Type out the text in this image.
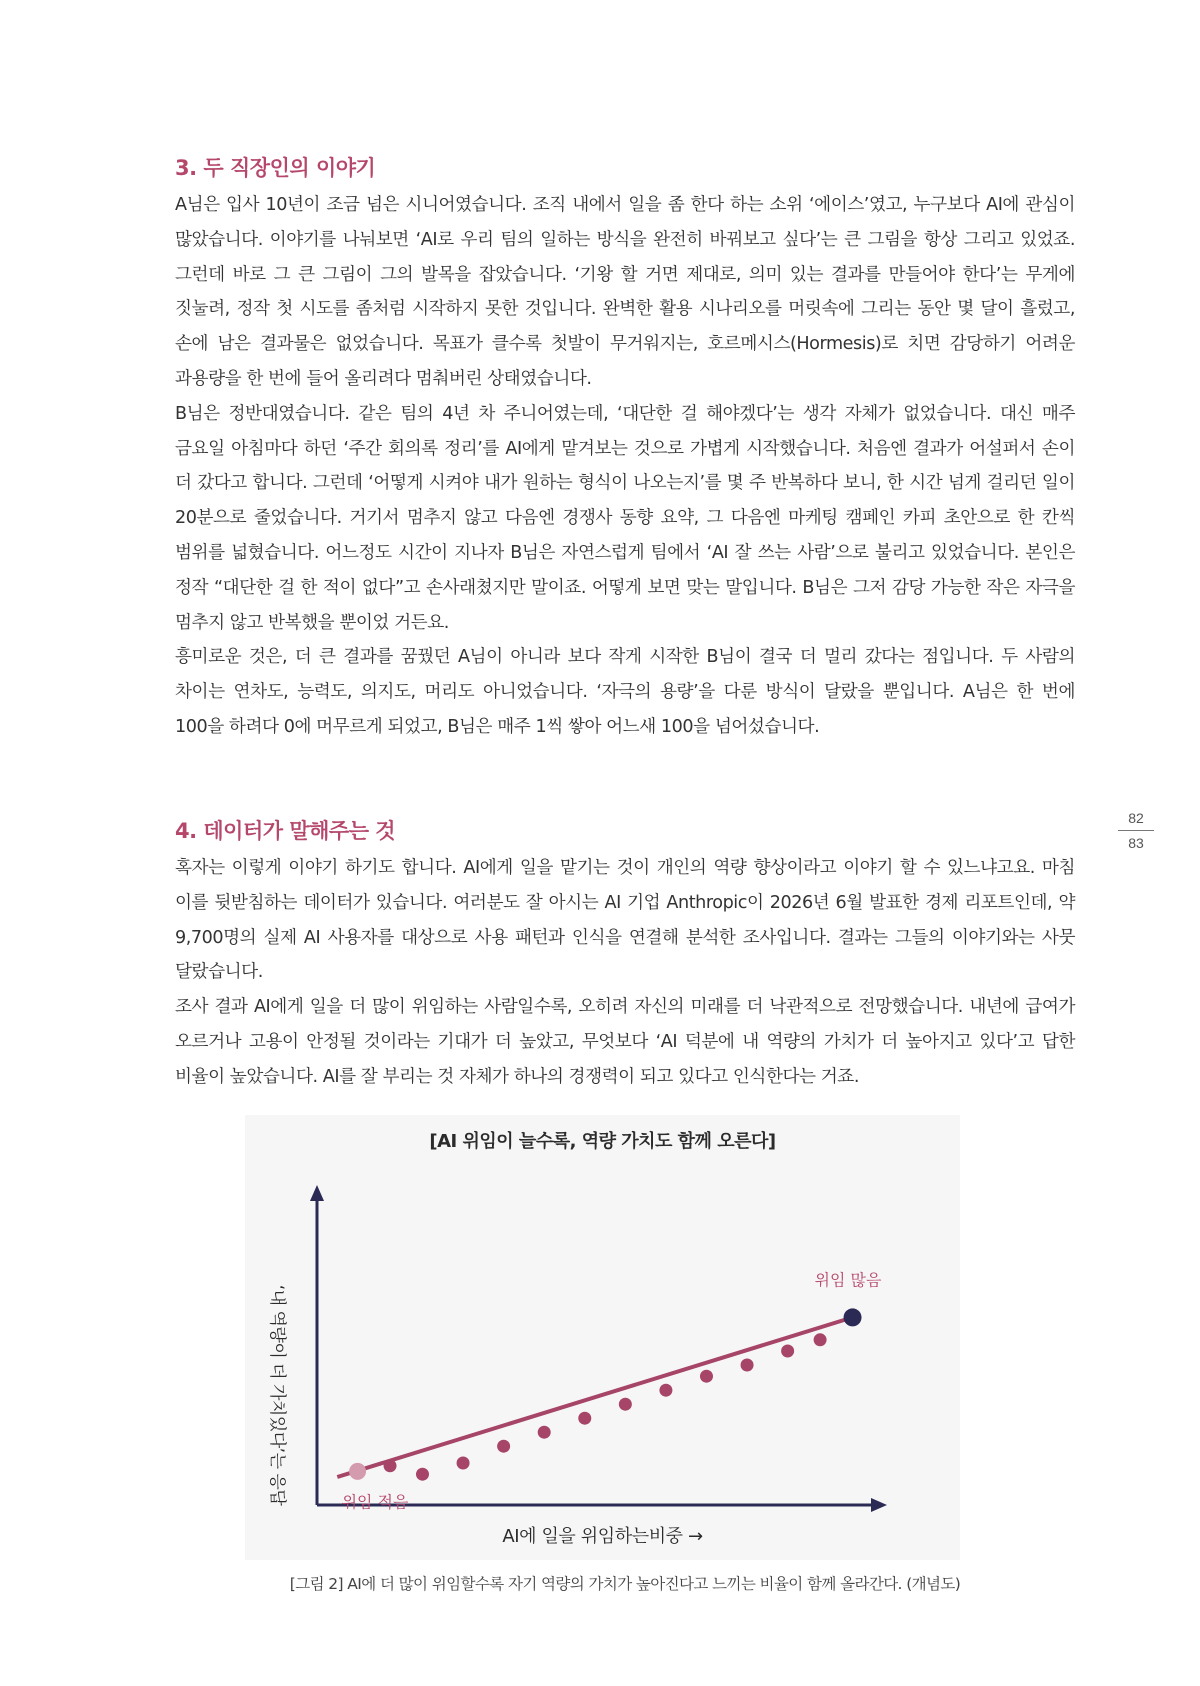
3. 두 직장인의 이야기

A님은 입사 10년이 조금 넘은 시니어였습니다. 조직 내에서 일을 좀 한다 하는 소위 ‘에이스’였고, 누구보다 AI에 관심이 많았습니다. 이야기를 나눠보면 ‘AI로 우리 팀의 일하는 방식을 완전히 바꿔보고 싶다’는 큰 그림을 항상 그리고 있었죠. 그런데 바로 그 큰 그림이 그의 발목을 잡았습니다. ‘기왕 할 거면 제대로, 의미 있는 결과를 만들어야 한다’는 무게에 짓눌려, 정작 첫 시도를 좀처럼 시작하지 못한 것입니다. 완벽한 활용 시나리오를 머릿속에 그리는 동안 몇 달이 흘렀고, 손에 남은 결과물은 없었습니다. 목표가 클수록 첫발이 무거워지는, 호르메시스(Hormesis)로 치면 감당하기 어려운 과용량을 한 번에 들어 올리려다 멈춰버린 상태였습니다.

B님은 정반대였습니다. 같은 팀의 4년 차 주니어였는데, ‘대단한 걸 해야겠다’는 생각 자체가 없었습니다. 대신 매주 금요일 아침마다 하던 ‘주간 회의록 정리’를 AI에게 맡겨보는 것으로 가볍게 시작했습니다. 처음엔 결과가 어설퍼서 손이 더 갔다고 합니다. 그런데 ‘어떻게 시켜야 내가 원하는 형식이 나오는지’를 몇 주 반복하다 보니, 한 시간 넘게 걸리던 일이 20분으로 줄었습니다. 거기서 멈추지 않고 다음엔 경쟁사 동향 요약, 그 다음엔 마케팅 캠페인 카피 초안으로 한 칸씩 범위를 넓혔습니다. 어느정도 시간이 지나자 B님은 자연스럽게 팀에서 ‘AI 잘 쓰는 사람’으로 불리고 있었습니다. 본인은 정작 “대단한 걸 한 적이 없다”고 손사래쳤지만 말이죠. 어떻게 보면 맞는 말입니다. B님은 그저 감당 가능한 작은 자극을 멈추지 않고 반복했을 뿐이었 거든요.

흥미로운 것은, 더 큰 결과를 꿈꿨던 A님이 아니라 보다 작게 시작한 B님이 결국 더 멀리 갔다는 점입니다. 두 사람의 차이는 연차도, 능력도, 의지도, 머리도 아니었습니다. ‘자극의 용량’을 다룬 방식이 달랐을 뿐입니다. A님은 한 번에 100을 하려다 0에 머무르게 되었고, B님은 매주 1씩 쌓아 어느새 100을 넘어섰습니다.

82
83
4. 데이터가 말해주는 것

혹자는 이렇게 이야기 하기도 합니다. AI에게 일을 맡기는 것이 개인의 역량 향상이라고 이야기 할 수 있느냐고요. 마침 이를 뒷받침하는 데이터가 있습니다. 여러분도 잘 아시는 AI 기업 Anthropic이 2026년 6월 발표한 경제 리포트인데, 약 9,700명의 실제 AI 사용자를 대상으로 사용 패턴과 인식을 연결해 분석한 조사입니다. 결과는 그들의 이야기와는 사뭇 달랐습니다.

조사 결과 AI에게 일을 더 많이 위임하는 사람일수록, 오히려 자신의 미래를 더 낙관적으로 전망했습니다. 내년에 급여가 오르거나 고용이 안정될 것이라는 기대가 더 높았고, 무엇보다 ‘AI 덕분에 내 역량의 가치가 더 높아지고 있다’고 답한 비율이 높았습니다. AI를 잘 부리는 것 자체가 하나의 경쟁력이 되고 있다고 인식한다는 거죠.

[AI 위임이 늘수록, 역량 가치도 함께 오른다]
위임 적음
위임 많음
‘내 역량이 더 가치있다’는 응답
AI에 일을 위임하는비중 →
[그림 2] AI에 더 많이 위임할수록 자기 역량의 가치가 높아진다고 느끼는 비율이 함께 올라간다. (개념도)
